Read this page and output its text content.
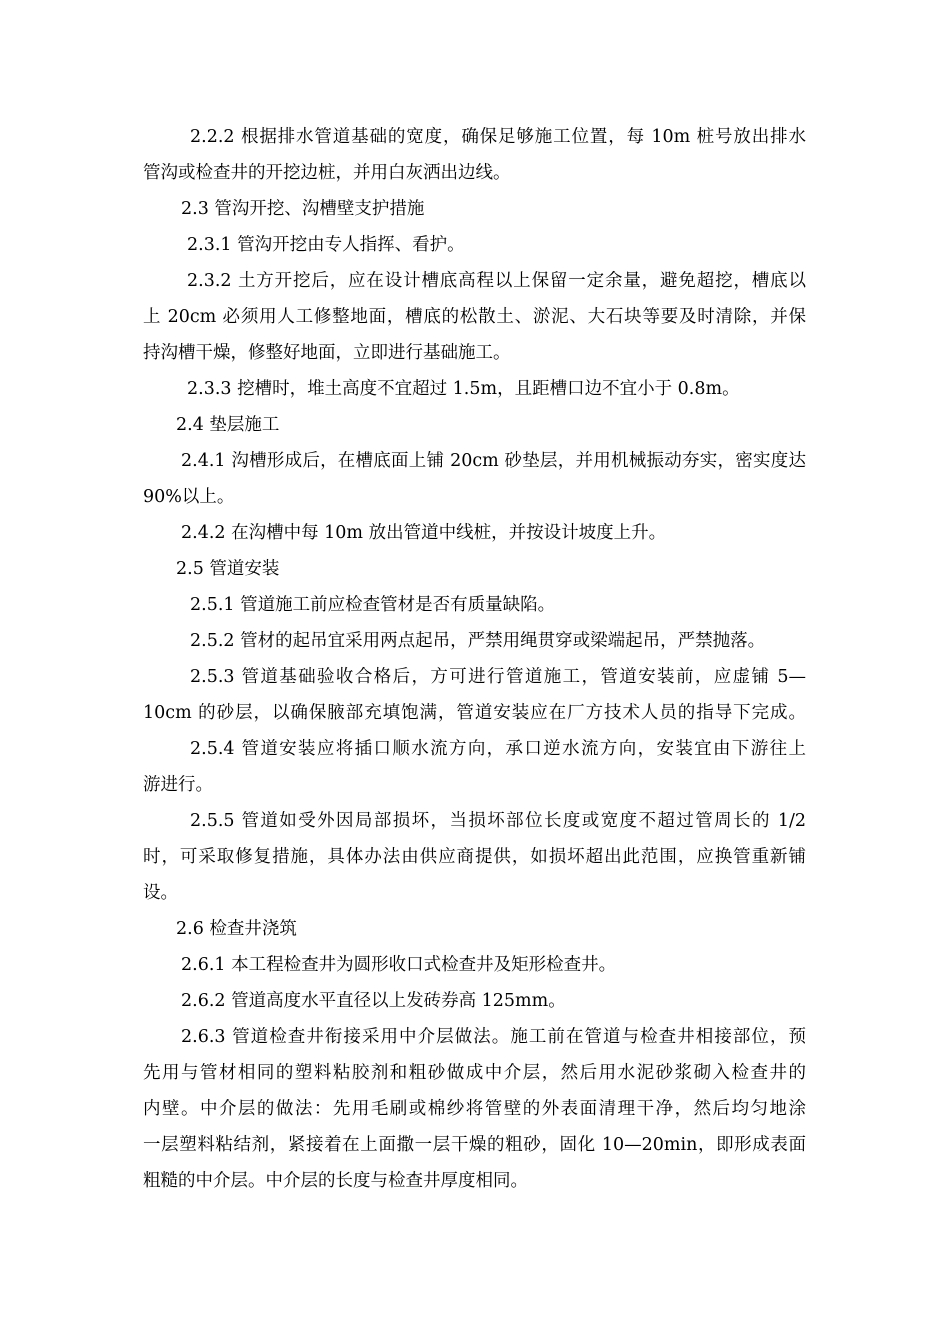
2.2.2 根据排水管道基础的宽度，确保足够施工位置，每 10m 桩号放出排水
管沟或检查井的开挖边桩，并用白灰洒出边线。
2.3 管沟开挖、沟槽壁支护措施
2.3.1 管沟开挖由专人指挥、看护。
2.3.2 土方开挖后，应在设计槽底高程以上保留一定余量，避免超挖，槽底以
上 20cm 必须用人工修整地面，槽底的松散土、淤泥、大石块等要及时清除，并保
持沟槽干燥，修整好地面，立即进行基础施工。
2.3.3 挖槽时，堆土高度不宜超过 1.5m，且距槽口边不宜小于 0.8m。
2.4 垫层施工
2.4.1 沟槽形成后，在槽底面上铺 20cm 砂垫层，并用机械振动夯实，密实度达
90%以上。
2.4.2 在沟槽中每 10m 放出管道中线桩，并按设计坡度上升。
2.5 管道安装
2.5.1 管道施工前应检查管材是否有质量缺陷。
2.5.2 管材的起吊宜采用两点起吊，严禁用绳贯穿或梁端起吊，严禁抛落。
2.5.3 管道基础验收合格后，方可进行管道施工，管道安装前，应虚铺 5—
10cm 的砂层，以确保腋部充填饱满，管道安装应在厂方技术人员的指导下完成。
2.5.4 管道安装应将插口顺水流方向，承口逆水流方向，安装宜由下游往上
游进行。
2.5.5 管道如受外因局部损坏，当损坏部位长度或宽度不超过管周长的 1/2
时，可采取修复措施，具体办法由供应商提供，如损坏超出此范围，应换管重新铺
设。
2.6 检查井浇筑
2.6.1 本工程检查井为圆形收口式检查井及矩形检查井。
2.6.2 管道高度水平直径以上发砖券高 125mm。
2.6.3 管道检查井衔接采用中介层做法。施工前在管道与检查井相接部位，预
先用与管材相同的塑料粘胶剂和粗砂做成中介层，然后用水泥砂浆砌入检查井的
内壁。中介层的做法：先用毛刷或棉纱将管壁的外表面清理干净，然后均匀地涂
一层塑料粘结剂，紧接着在上面撒一层干燥的粗砂，固化 10—20min，即形成表面
粗糙的中介层。中介层的长度与检查井厚度相同。
